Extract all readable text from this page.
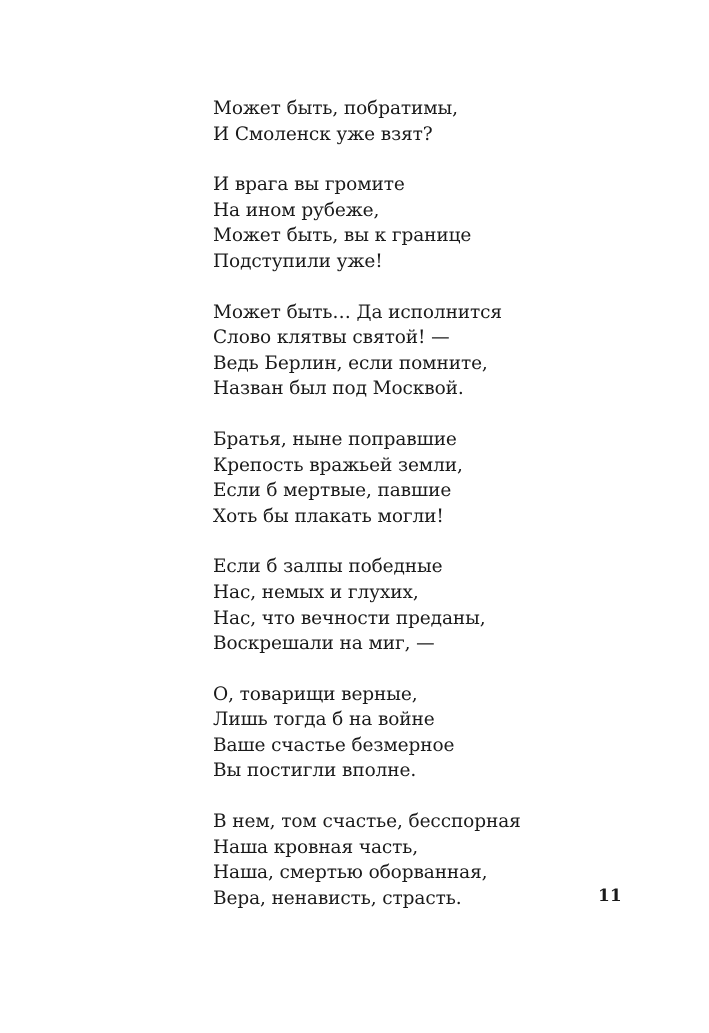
Может быть, побратимы,
И Смоленск уже взят?
И врага вы громите
На ином рубеже,
Может быть, вы к границе
Подступили уже!
Может быть… Да исполнится
Слово клятвы святой! —
Ведь Берлин, если помните,
Назван был под Москвой.
Братья, ныне поправшие
Крепость вражьей земли,
Если б мертвые, павшие
Хоть бы плакать могли!
Если б залпы победные
Нас, немых и глухих,
Нас, что вечности преданы,
Воскрешали на миг, —
О, товарищи верные,
Лишь тогда б на войне
Ваше счастье безмерное
Вы постигли вполне.
В нем, том счастье, бесспорная
Наша кровная часть,
Наша, смертью оборванная,
Вера, ненависть, страсть.	11
